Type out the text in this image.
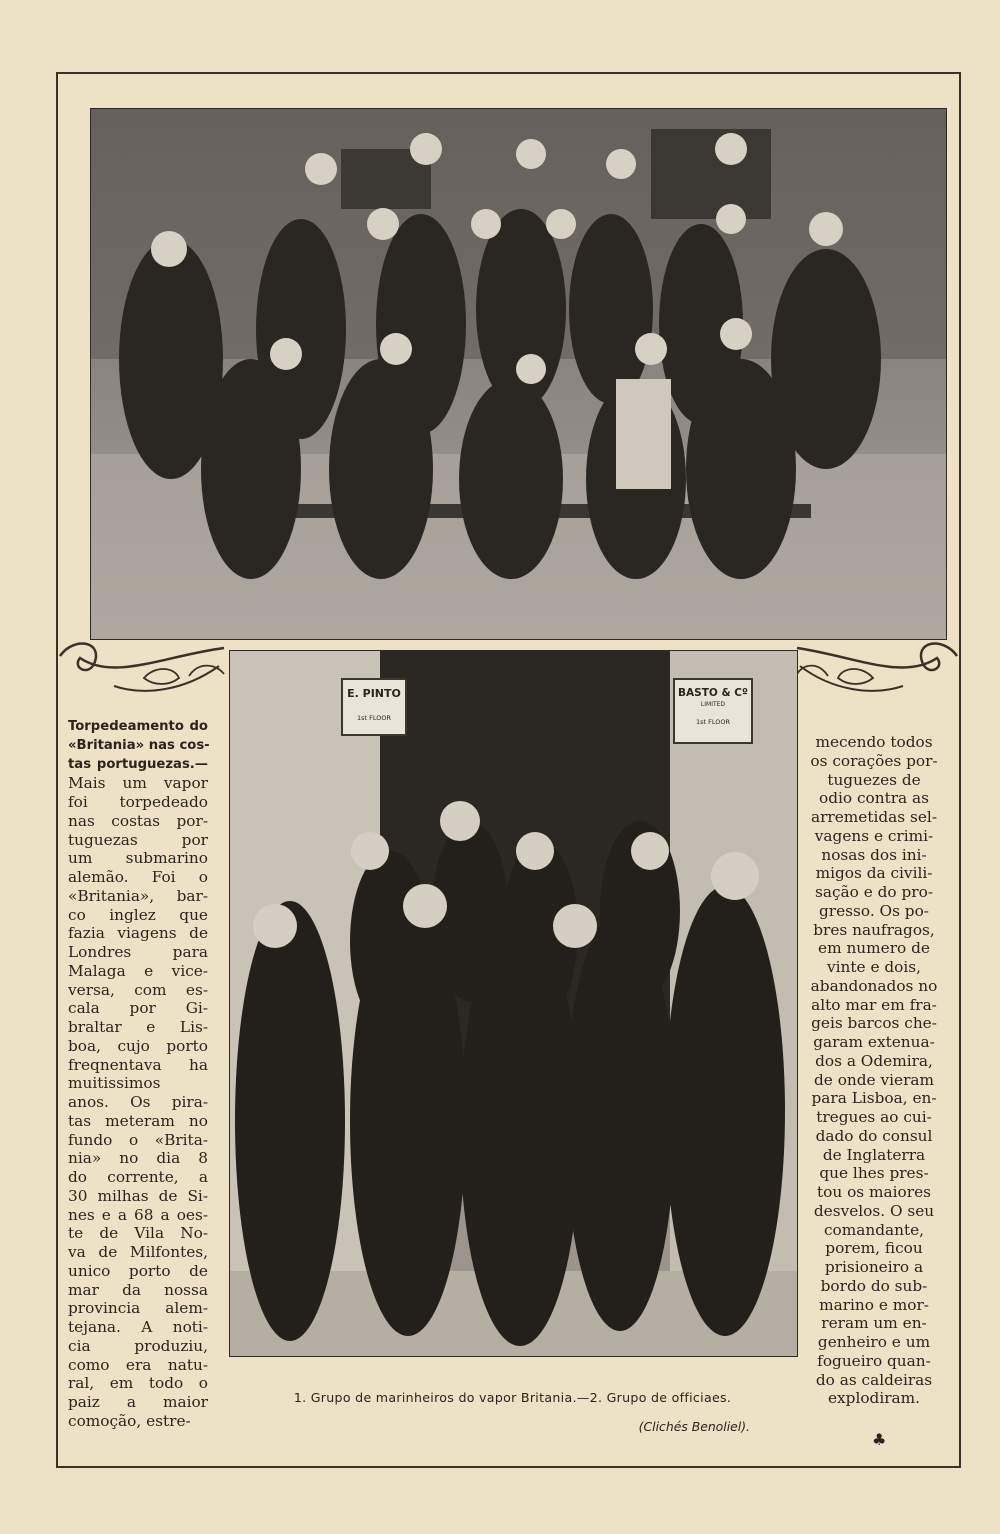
E. PINTO
1st FLOOR
BASTO & Cº
LIMITED
1st FLOOR
Torpedeamento do
«Britania» nas cos-
tas portuguezas.—
Mais um vapor
foi torpedeado
nas costas por-
tuguezas por
um submarino
alemão. Foi o
«Britania», bar-
co inglez que
fazia viagens de
Londres para
Malaga e vice-
versa, com es-
cala por Gi-
braltar e Lis-
boa, cujo porto
freqnentava ha
muitissimos
anos. Os pira-
tas meteram no
fundo o «Brita-
nia» no dia 8
do corrente, a
30 milhas de Si-
nes e a 68 a oes-
te de Vila No-
va de Milfontes,
unico porto de
mar da nossa
provincia alem-
tejana. A noti-
cia produziu,
como era natu-
ral, em todo o
paiz a maior
comoção, estre-
mecendo todos
os corações por-
tuguezes de
odio contra as
arremetidas sel-
vagens e crimi-
nosas dos ini-
migos da civili-
sação e do pro-
gresso. Os po-
bres naufragos,
em numero de
vinte e dois,
abandonados no
alto mar em fra-
geis barcos che-
garam extenua-
dos a Odemira,
de onde vieram
para Lisboa, en-
tregues ao cui-
dado do consul
de Inglaterra
que lhes pres-
tou os maiores
desvelos. O seu
comandante,
porem, ficou
prisioneiro a
bordo do sub-
marino e mor-
reram um en-
genheiro e um
fogueiro quan-
do as caldeiras
explodiram.
1. Grupo de marinheiros do vapor Britania.—2. Grupo de officiaes.
(Clichés Benoliel).
♣
